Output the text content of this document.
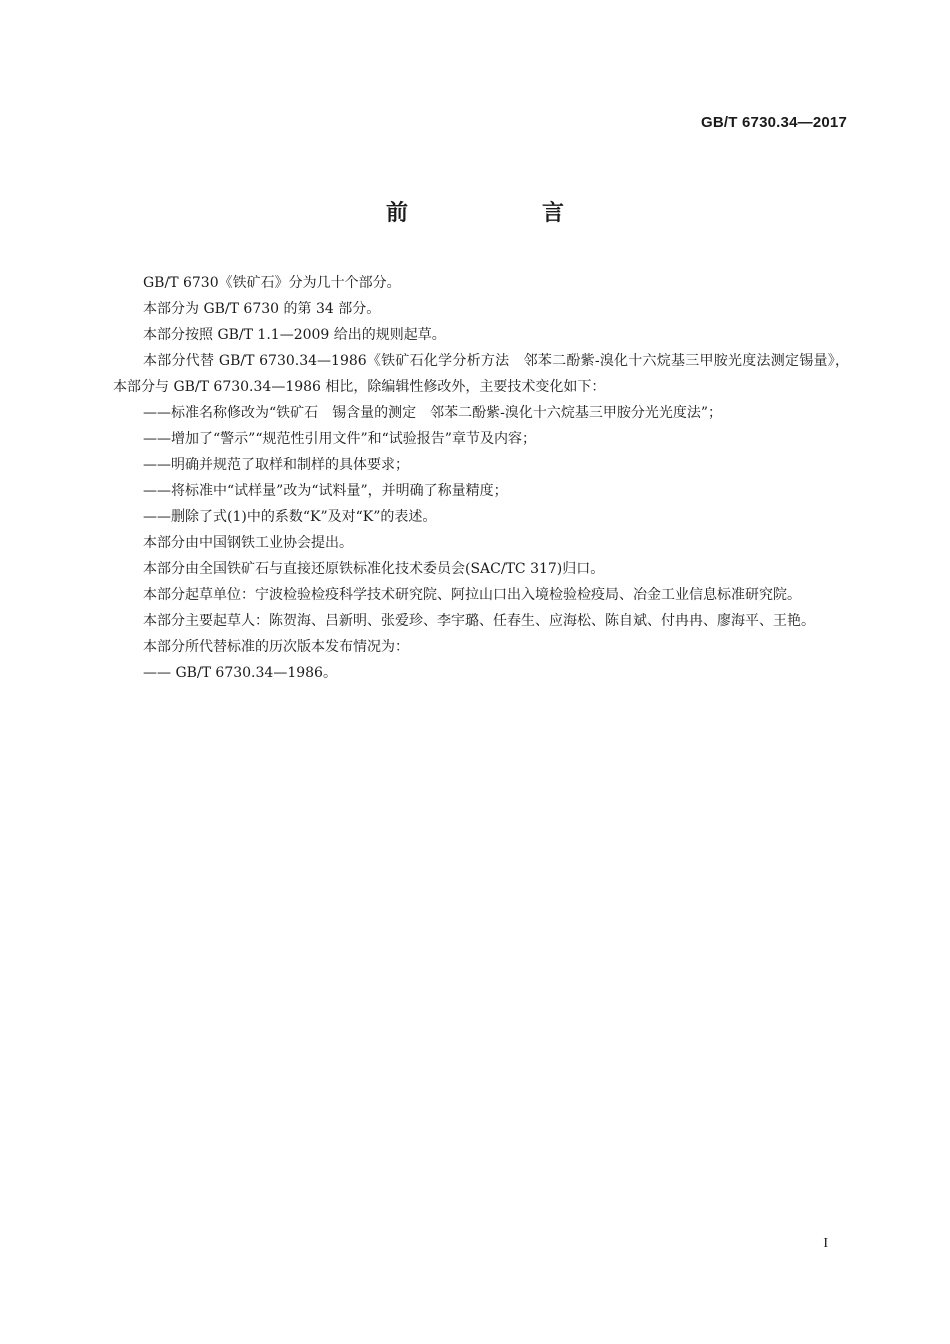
GB/T 6730.34—2017
前　言

GB/T 6730《铁矿石》分为几十个部分。

本部分为 GB/T 6730 的第 34 部分。

本部分按照 GB/T 1.1—2009 给出的规则起草。

本部分代替 GB/T 6730.34—1986《铁矿石化学分析方法　邻苯二酚紫-溴化十六烷基三甲胺光度法测定锡量》，本部分与 GB/T 6730.34—1986 相比，除编辑性修改外，主要技术变化如下：

——标准名称修改为“铁矿石　锡含量的测定　邻苯二酚紫-溴化十六烷基三甲胺分光光度法”；

——增加了“警示”“规范性引用文件”和“试验报告”章节及内容；

——明确并规范了取样和制样的具体要求；

——将标准中“试样量”改为“试料量”，并明确了称量精度；

——删除了式(1)中的系数“K”及对“K”的表述。

本部分由中国钢铁工业协会提出。

本部分由全国铁矿石与直接还原铁标准化技术委员会(SAC/TC 317)归口。

本部分起草单位：宁波检验检疫科学技术研究院、阿拉山口出入境检验检疫局、冶金工业信息标准研究院。

本部分主要起草人：陈贺海、吕新明、张爱珍、李宇璐、任春生、应海松、陈自斌、付冉冉、廖海平、王艳。

本部分所代替标准的历次版本发布情况为：

—— GB/T 6730.34—1986。

I
